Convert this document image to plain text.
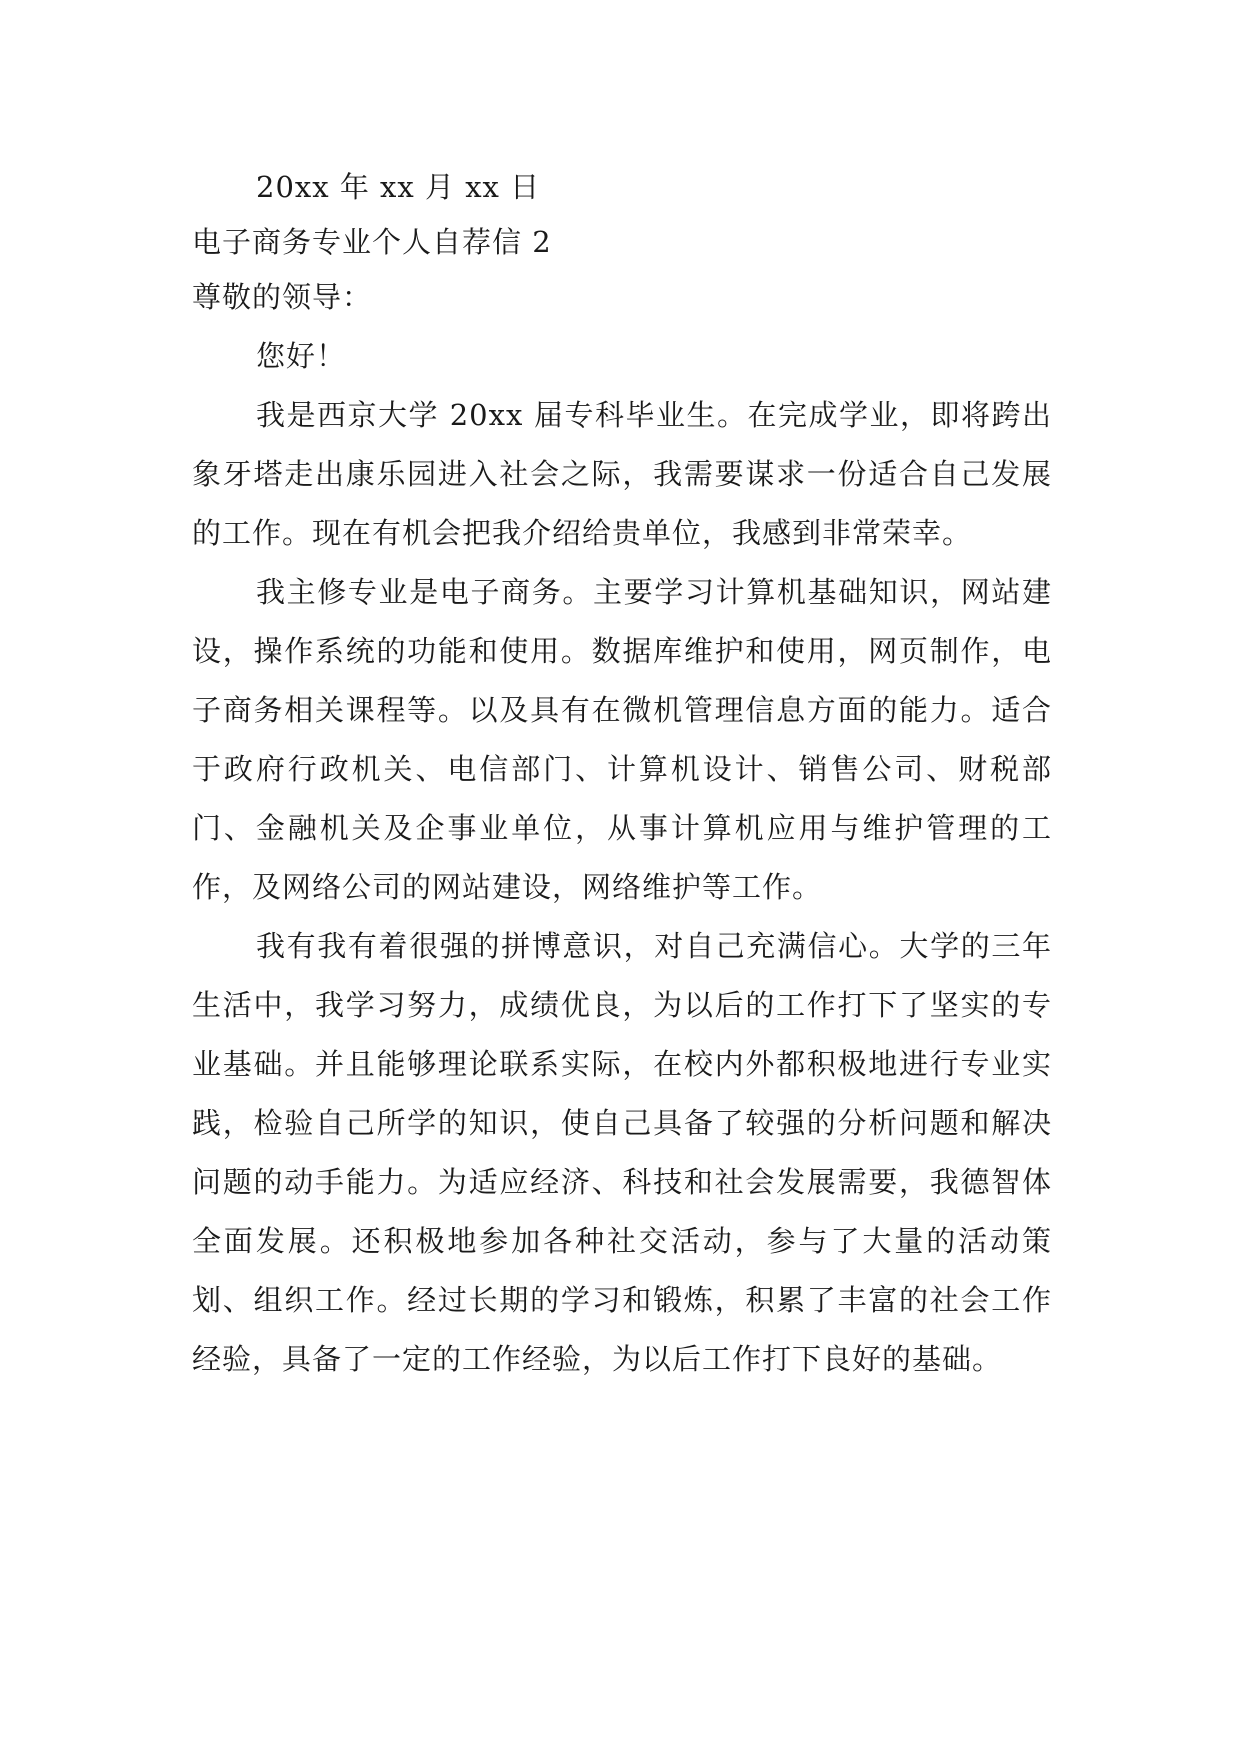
20xx 年 xx 月 xx 日

电子商务专业个人自荐信 2

尊敬的领导：

您好！

我是西京大学 20xx 届专科毕业生。在完成学业，即将跨出象牙塔走出康乐园进入社会之际，我需要谋求一份适合自己发展的工作。现在有机会把我介绍给贵单位，我感到非常荣幸。

我主修专业是电子商务。主要学习计算机基础知识，网站建设，操作系统的功能和使用。数据库维护和使用，网页制作，电子商务相关课程等。以及具有在微机管理信息方面的能力。适合于政府行政机关、电信部门、计算机设计、销售公司、财税部门、金融机关及企事业单位，从事计算机应用与维护管理的工作，及网络公司的网站建设，网络维护等工作。

我有我有着很强的拼博意识，对自己充满信心。大学的三年生活中，我学习努力，成绩优良，为以后的工作打下了坚实的专业基础。并且能够理论联系实际，在校内外都积极地进行专业实践，检验自己所学的知识，使自己具备了较强的分析问题和解决问题的动手能力。为适应经济、科技和社会发展需要，我德智体全面发展。还积极地参加各种社交活动，参与了大量的活动策划、组织工作。经过长期的学习和锻炼，积累了丰富的社会工作经验，具备了一定的工作经验，为以后工作打下良好的基础。
